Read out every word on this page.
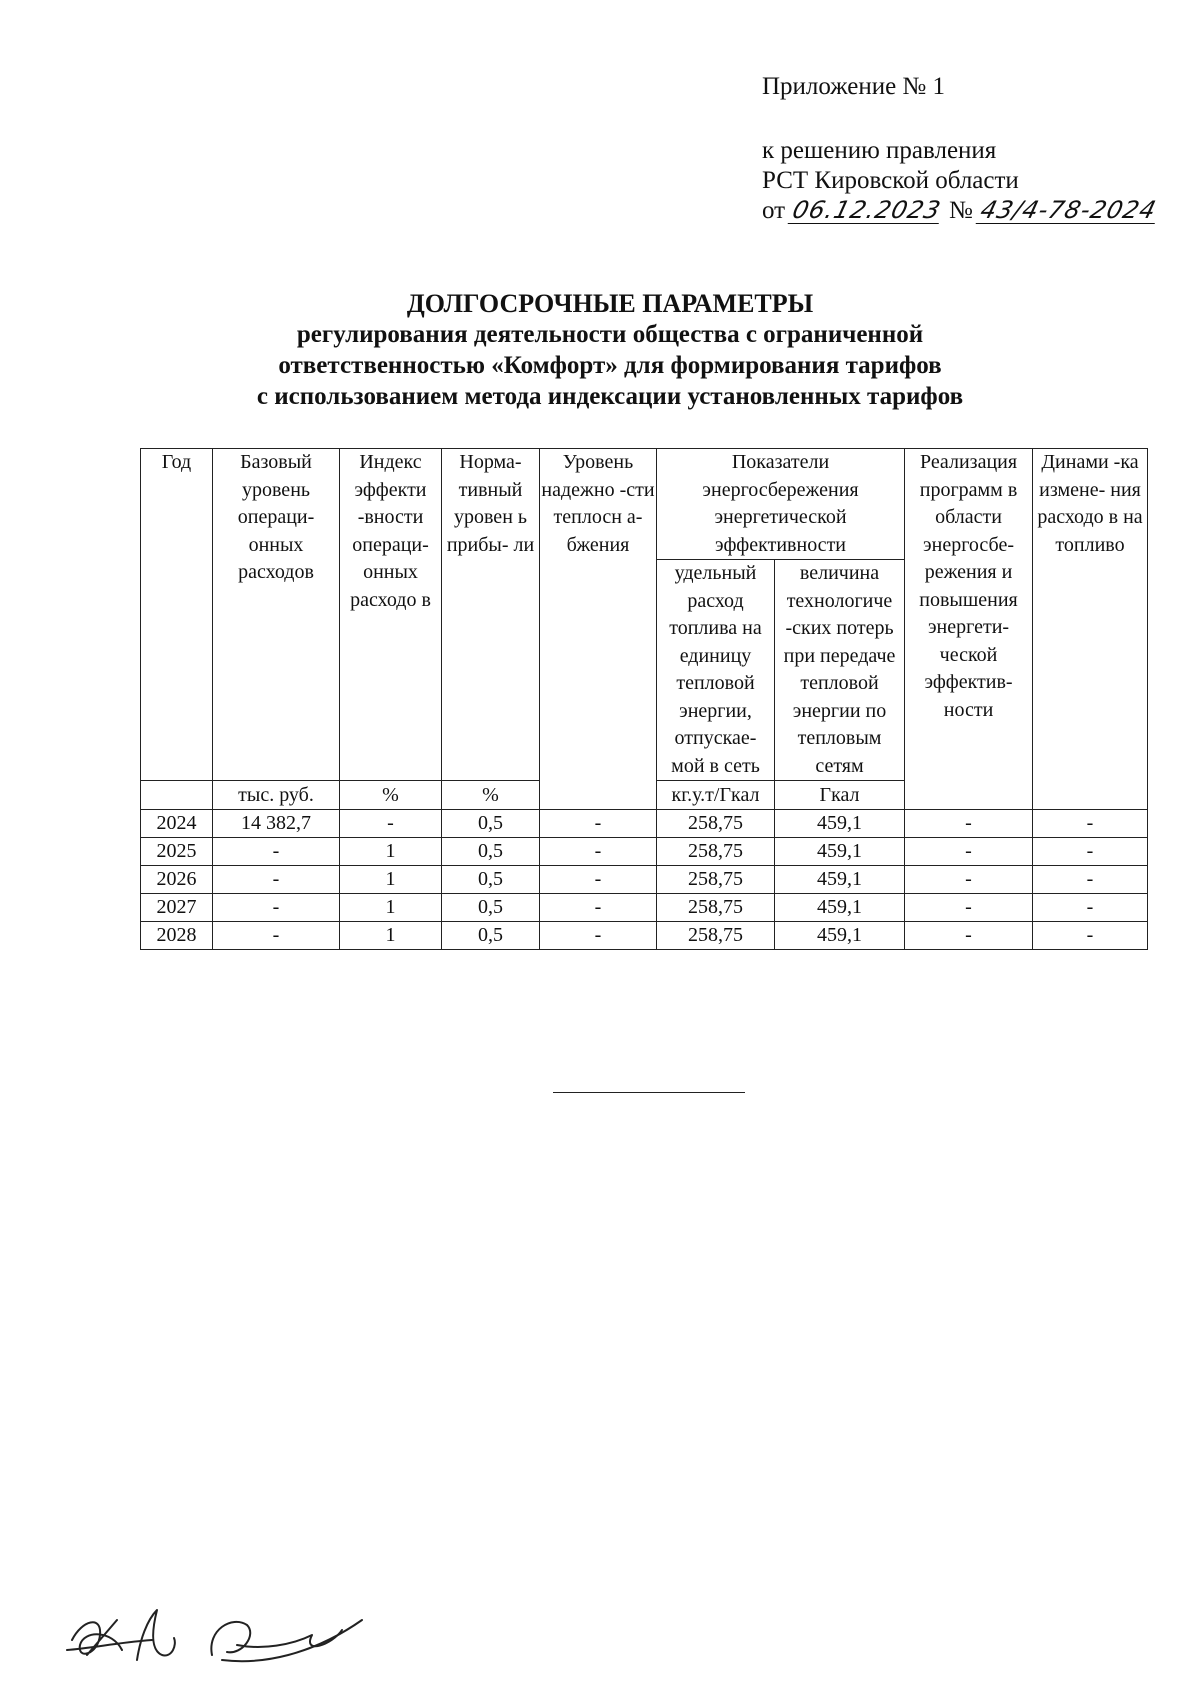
Приложение № 1
к решению правления
РСТ Кировской области
от 06.12.2023 № 43/4-78-2024
ДОЛГОСРОЧНЫЕ ПАРАМЕТРЫ
регулирования деятельности общества с ограниченной
ответственностью «Комфорт» для формирования тарифов
с использованием метода индексации установленных тарифов
Год	Базовый уровень операци- онных расходов	Индекс эффекти -вности операци- онных расходо в	Норма- тивный уровен ь прибы- ли	Уровень надежно -сти теплосн а- бжения	Показатели энергосбережения энергетической эффективности		Реализация программ в области энергосбе- режения и повышения энергети- ческой эффектив- ности	Динами -ка измене- ния расходо в на топливо
					удельный расход топлива на единицу тепловой энергии, отпускае- мой в сеть	величина технологиче -ских потерь при передаче тепловой энергии по тепловым сетям		
	тыс. руб.	%	%		кг.у.т/Гкал	Гкал		
2024	14 382,7	-	0,5	-	258,75	459,1	-	-
2025	-	1	0,5	-	258,75	459,1	-	-
2026	-	1	0,5	-	258,75	459,1	-	-
2027	-	1	0,5	-	258,75	459,1	-	-
2028	-	1	0,5	-	258,75	459,1	-	-
